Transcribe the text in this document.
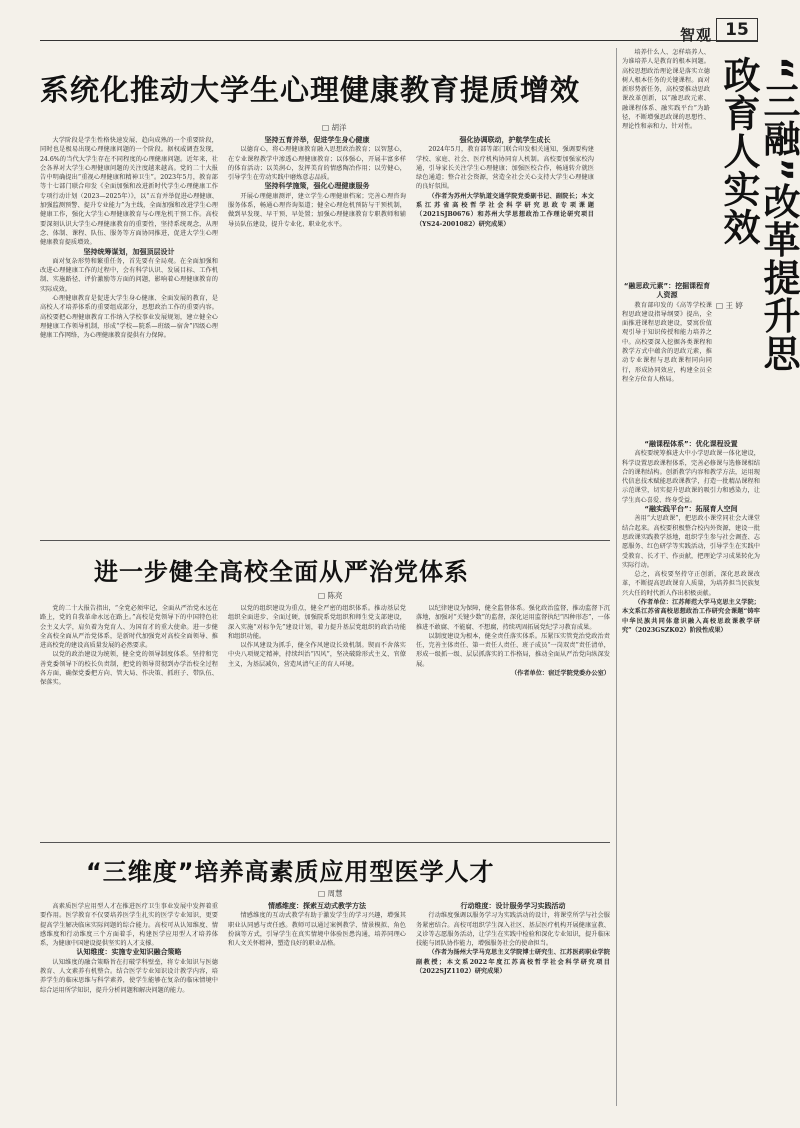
智观 15
系统化推动大学生心理健康教育提质增效
□ 胡洋

大学阶段是学生性格快速发展、趋向成熟的一个重要阶段，同时也是极易出现心理健康问题的一个阶段。据权威调查发现，24.6%的当代大学生存在不同程度的心理健康问题。近年来，社会各界对大学生心理健康问题的关注度越来越高。党的二十大报告中明确提出“重视心理健康和精神卫生”。2023年5月，教育部等十七部门联合印发《全面加强和改进新时代学生心理健康工作专项行动计划（2023—2025年）》，以“五育并举促进心理健康、加强监测预警、提升专业能力”为主线，全面加强和改进学生心理健康工作，强化大学生心理健康教育与心理危机干预工作。高校要深刻认识大学生心理健康教育的重要性，坚持系统观念，从理念、体制、课程、队伍、服务等方面协同推进，促进大学生心理健康教育提质增效。

坚持统筹谋划，加强顶层设计

面对复杂形势和繁重任务，首先要有全局观。在全面加强和改进心理健康工作的过程中，会有科学认识、发展目标、工作机制、实施路径、评价激励等方面的问题，影响着心理健康教育的实际成效。

心理健康教育是促进大学生身心健康、全面发展的教育，是高校人才培养体系的重要组成部分，思想政治工作的重要内容。高校要把心理健康教育工作纳入学校事业发展规划，建立健全心理健康工作领导机制，形成“学校—院系—班级—宿舍”四级心理健康工作网络，为心理健康教育提供有力保障。

坚持五育并举，促进学生身心健康

以德育心，将心理健康教育融入思想政治教育；以智慧心，在专业课程教学中渗透心理健康教育；以体强心，开展丰富多样的体育活动；以美润心，发挥美育的情感陶冶作用；以劳健心，引导学生在劳动实践中磨炼意志品质。

坚持科学施策，强化心理健康服务

开展心理健康测评，建立学生心理健康档案；完善心理咨询服务体系，畅通心理咨询渠道；健全心理危机预防与干预机制，做到早发现、早干预、早处置；加强心理健康教育专职教师和辅导员队伍建设，提升专业化、职业化水平。

强化协调联动，护航学生成长

2024年5月，教育部等部门联合印发相关通知，强调要构建学校、家庭、社会、医疗机构协同育人机制。高校要加强家校沟通，引导家长关注学生心理健康；加强医校合作，畅通转介就医绿色通道；整合社会资源，营造全社会关心支持大学生心理健康的良好氛围。

（作者为苏州大学轨道交通学院党委副书记、副院长；本文系江苏省高校哲学社会科学研究思政专项课题（2021SJB0676）和苏州大学思想政治工作理论研究项目（YS24-2001082）研究成果）

进一步健全高校全面从严治党体系
□ 陈亮

党的二十大报告指出，“全党必须牢记，全面从严治党永远在路上，党的自我革命永远在路上。”高校是党领导下的中国特色社会主义大学，肩负着为党育人、为国育才的重大使命。进一步健全高校全面从严治党体系，是新时代加强党对高校全面领导、推进高校党的建设高质量发展的必然要求。

以党的政治建设为统领，健全党的领导制度体系。坚持和完善党委领导下的校长负责制，把党的领导贯彻到办学治校全过程各方面，确保党委把方向、管大局、作决策、抓班子、带队伍、保落实。

以党的组织建设为重点，健全严密的组织体系。推动基层党组织全面进步、全面过硬，加强院系党组织和师生党支部建设，深入实施“对标争先”建设计划，着力提升基层党组织的政治功能和组织功能。

以作风建设为抓手，健全作风建设长效机制。锲而不舍落实中央八项规定精神，持续纠治“四风”，坚决破除形式主义、官僚主义，为基层减负，营造风清气正的育人环境。

以纪律建设为保障，健全监督体系。强化政治监督，推动监督下沉落地，加强对“关键少数”的监督，深化运用监督执纪“四种形态”，一体推进不敢腐、不能腐、不想腐，持续巩固拓展党纪学习教育成果。

以制度建设为根本，健全责任落实体系。压紧压实管党治党政治责任，完善主体责任、第一责任人责任、班子成员“一岗双责”责任清单，形成一级抓一级、层层抓落实的工作格局，推动全面从严治党向纵深发展。

（作者单位：宿迁学院党委办公室）

“三维度”培养高素质应用型医学人才
□ 周慧

高素质医学应用型人才在推进医疗卫生事业发展中发挥着重要作用。医学教育不仅要培养医学生扎实的医学专业知识，更要提高学生解决临床实际问题的综合能力。高校可从认知维度、情感维度和行动维度三个方面着手，构建医学应用型人才培养体系，为健康中国建设提供坚实的人才支撑。

认知维度：实施专业知识融合策略

认知维度的融合策略旨在打破学科壁垒，将专业知识与医德教育、人文素养有机整合。结合医学专业知识设计教学内容，培养学生的临床思维与科学素养，使学生能够在复杂的临床情境中综合运用所学知识，提升分析问题和解决问题的能力。

情感维度：探索互动式教学方法

情感维度的互动式教学有助于激发学生的学习兴趣，增强其职业认同感与责任感。教师可以通过案例教学、情景模拟、角色扮演等方式，引导学生在真实情境中体验医患沟通，培养同理心和人文关怀精神，塑造良好的职业品格。

行动维度：设计服务学习实践活动

行动维度强调以服务学习为实践活动的设计，将课堂所学与社会服务紧密结合。高校可组织学生深入社区、基层医疗机构开展健康宣教、义诊等志愿服务活动，让学生在实践中检验和深化专业知识，提升临床技能与团队协作能力，增强服务社会的使命担当。

（作者为扬州大学马克思主义学院博士研究生、江苏医药职业学院副教授；本文系2022年度江苏高校哲学社会科学研究项目（2022SJZ1102）研究成果）

培养什么人、怎样培养人、为谁培养人是教育的根本问题。高校思想政治理论课是落实立德树人根本任务的关键课程。面对新形势新任务，高校要推动思政课改革创新，以“融思政元素、融课程体系、融实践平台”为路径，不断增强思政课的思想性、理论性和亲和力、针对性。	“三融”改革提升思政育人实效
□ 王 婷

“融思政元素”：挖掘课程育人资源

教育部印发的《高等学校课程思政建设指导纲要》提出，全面推进课程思政建设，要寓价值观引导于知识传授和能力培养之中。高校要深入挖掘各类课程和教学方式中蕴含的思政元素，推动专业课程与思政课程同向同行，形成协同效应，构建全员全程全方位育人格局。

“融课程体系”：优化课程设置

高校要统筹推进大中小学思政课一体化建设，科学设置思政课程体系，完善必修课与选修课相结合的课程结构。创新教学内容和教学方法，运用现代信息技术赋能思政课教学，打造一批精品课程和示范课堂，切实提升思政课的吸引力和感染力，让学生真心喜爱、终身受益。

“融实践平台”：拓展育人空间

善用“大思政课”，把思政小课堂同社会大课堂结合起来。高校要积极整合校内外资源，建设一批思政课实践教学基地，组织学生参与社会调查、志愿服务、红色研学等实践活动，引导学生在实践中受教育、长才干、作贡献，把理论学习成果转化为实际行动。

总之，高校要坚持守正创新，深化思政课改革，不断提高思政课育人质量，为培养担当民族复兴大任的时代新人作出积极贡献。

（作者单位：江苏师范大学马克思主义学院；本文系江苏省高校思想政治工作研究会课题“铸牢中华民族共同体意识融入高校思政课教学研究”（2023GSZK02）阶段性成果）
